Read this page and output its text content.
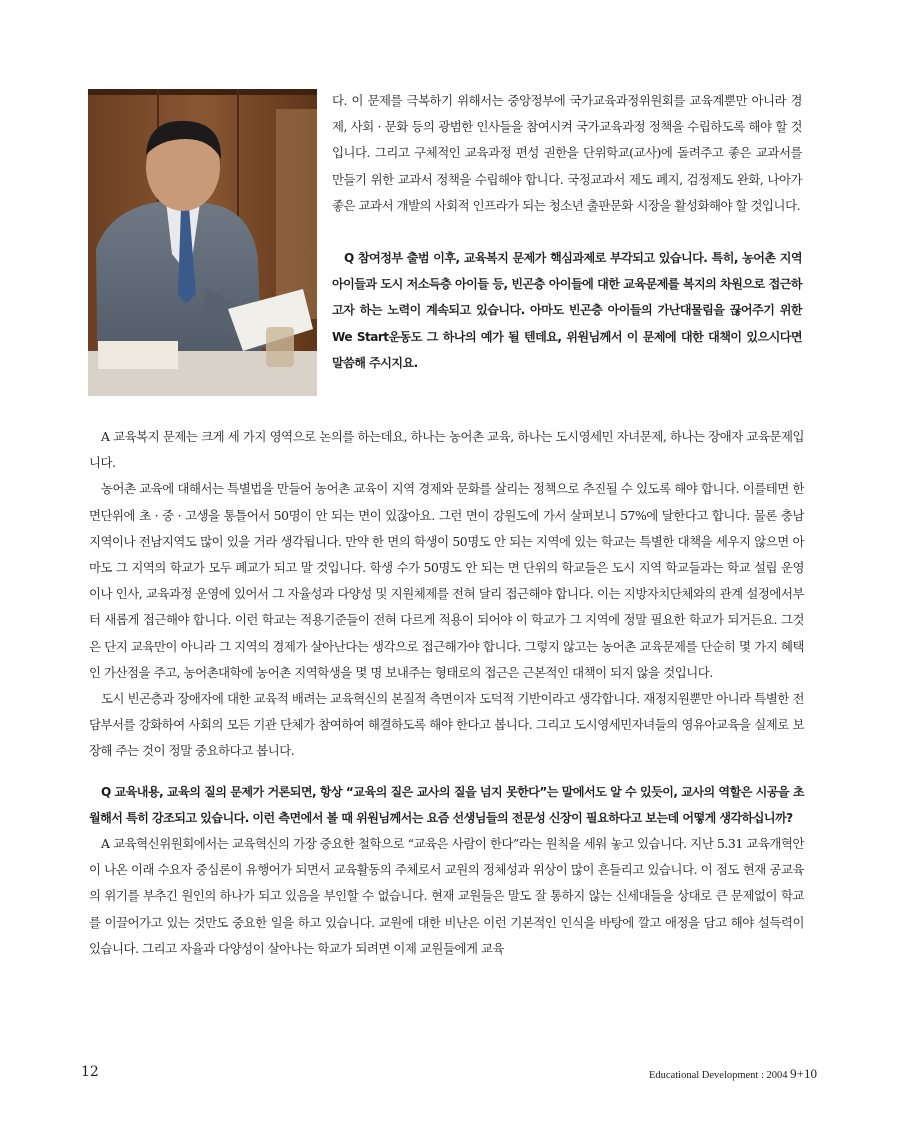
다. 이 문제를 극복하기 위해서는 중앙정부에 국가교육과정위원회를 교육계뿐만 아니라 경제, 사회 · 문화 등의 광범한 인사들을 참여시켜 국가교육과정 정책을 수립하도록 해야 할 것입니다. 그리고 구체적인 교육과정 편성 권한을 단위학교(교사)에 돌려주고 좋은 교과서를 만들기 위한 교과서 정책을 수립해야 합니다. 국정교과서 제도 폐지, 검정제도 완화, 나아가 좋은 교과서 개발의 사회적 인프라가 되는 청소년 출판문화 시장을 활성화해야 할 것입니다.

Q 참여정부 출범 이후, 교육복지 문제가 핵심과제로 부각되고 있습니다. 특히, 농어촌 지역 아이들과 도시 저소득층 아이들 등, 빈곤층 아이들에 대한 교육문제를 복지의 차원으로 접근하고자 하는 노력이 계속되고 있습니다. 아마도 빈곤층 아이들의 가난대물림을 끊어주기 위한 We Start운동도 그 하나의 예가 될 텐데요, 위원님께서 이 문제에 대한 대책이 있으시다면 말씀해 주시지요.

A 교육복지 문제는 크게 세 가지 영역으로 논의를 하는데요, 하나는 농어촌 교육, 하나는 도시영세민 자녀문제, 하나는 장애자 교육문제입니다.

농어촌 교육에 대해서는 특별법을 만들어 농어촌 교육이 지역 경제와 문화를 살리는 정책으로 추진될 수 있도록 해야 합니다. 이를테면 한 면단위에 초 · 중 · 고생을 통틀어서 50명이 안 되는 면이 있잖아요. 그런 면이 강원도에 가서 살펴보니 57%에 달한다고 합니다. 물론 충남지역이나 전남지역도 많이 있을 거라 생각됩니다. 만약 한 면의 학생이 50명도 안 되는 지역에 있는 학교는 특별한 대책을 세우지 않으면 아마도 그 지역의 학교가 모두 폐교가 되고 말 것입니다. 학생 수가 50명도 안 되는 면 단위의 학교들은 도시 지역 학교들과는 학교 설립 운영이나 인사, 교육과정 운영에 있어서 그 자율성과 다양성 및 지원체제를 전혀 달리 접근해야 합니다. 이는 지방자치단체와의 관계 설정에서부터 새롭게 접근해야 합니다. 이런 학교는 적용기준들이 전혀 다르게 적용이 되어야 이 학교가 그 지역에 정말 필요한 학교가 되거든요. 그것은 단지 교육만이 아니라 그 지역의 경제가 살아난다는 생각으로 접근해가야 합니다. 그렇지 않고는 농어촌 교육문제를 단순히 몇 가지 혜택인 가산점을 주고, 농어촌대학에 농어촌 지역학생을 몇 명 보내주는 형태로의 접근은 근본적인 대책이 되지 않을 것입니다.

도시 빈곤층과 장애자에 대한 교육적 배려는 교육혁신의 본질적 측면이자 도덕적 기반이라고 생각합니다. 재정지원뿐만 아니라 특별한 전담부서를 강화하여 사회의 모든 기관 단체가 참여하여 해결하도록 해야 한다고 봅니다. 그리고 도시영세민자녀들의 영유아교육을 실제로 보장해 주는 것이 정말 중요하다고 봅니다.

Q 교육내용, 교육의 질의 문제가 거론되면, 항상 “교육의 질은 교사의 질을 넘지 못한다”는 말에서도 알 수 있듯이, 교사의 역할은 시공을 초월해서 특히 강조되고 있습니다. 이런 측면에서 볼 때 위원님께서는 요즘 선생님들의 전문성 신장이 필요하다고 보는데 어떻게 생각하십니까?

A 교육혁신위원회에서는 교육혁신의 가장 중요한 철학으로 “교육은 사람이 한다”라는 원칙을 세워 놓고 있습니다. 지난 5.31 교육개혁안이 나온 이래 수요자 중심론이 유행어가 되면서 교육활동의 주체로서 교원의 정체성과 위상이 많이 흔들리고 있습니다. 이 점도 현재 공교육의 위기를 부추긴 원인의 하나가 되고 있음을 부인할 수 없습니다. 현재 교원들은 말도 잘 통하지 않는 신세대들을 상대로 큰 문제없이 학교를 이끌어가고 있는 것만도 중요한 일을 하고 있습니다. 교원에 대한 비난은 이런 기본적인 인식을 바탕에 깔고 애정을 담고 해야 설득력이 있습니다. 그리고 자율과 다양성이 살아나는 학교가 되려면 이제 교원들에게 교육

12	Educational Development : 2004 9+10
